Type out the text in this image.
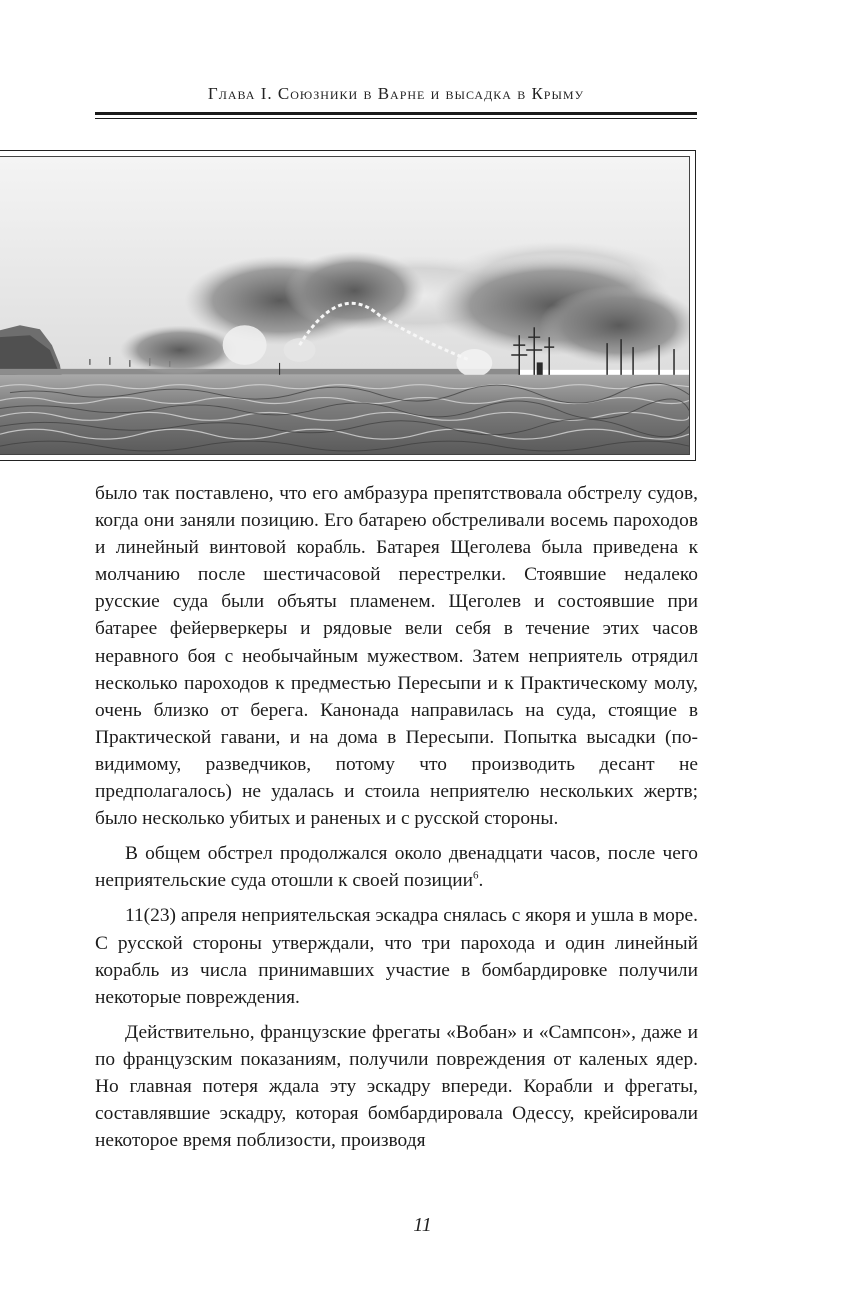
Глава I. Союзники в Варне и высадка в Крыму

было так поставлено, что его амбразура препятствовала обстрелу судов, когда они заняли позицию. Его батарею обстреливали восемь пароходов и линейный винтовой корабль. Батарея Щеголева была приведена к молчанию после шестичасовой перестрелки. Стоявшие недалеко русские суда были объяты пламенем. Щеголев и состоявшие при батарее фейерверкеры и рядовые вели себя в течение этих часов неравного боя с необычайным мужеством. Затем неприятель отрядил несколько пароходов к предместью Пересыпи и к Практическому молу, очень близко от берега. Канонада направилась на суда, стоящие в Практической гавани, и на дома в Пересыпи. Попытка высадки (по-видимому, разведчиков, потому что производить десант не предполагалось) не удалась и стоила неприятелю нескольких жертв; было несколько убитых и раненых и с русской стороны.

В общем обстрел продолжался около двенадцати часов, после чего неприятельские суда отошли к своей позиции$^6$.

11(23) апреля неприятельская эскадра снялась с якоря и ушла в море. С русской стороны утверждали, что три парохода и один линейный корабль из числа принимавших участие в бомбардировке получили некоторые повреждения.

Действительно, французские фрегаты «Вобан» и «Сампсон», даже и по французским показаниям, получили повреждения от каленых ядер. Но главная потеря ждала эту эскадру впереди. Корабли и фрегаты, составлявшие эскадру, которая бомбардировала Одессу, крейсировали некоторое время поблизости, производя

11
